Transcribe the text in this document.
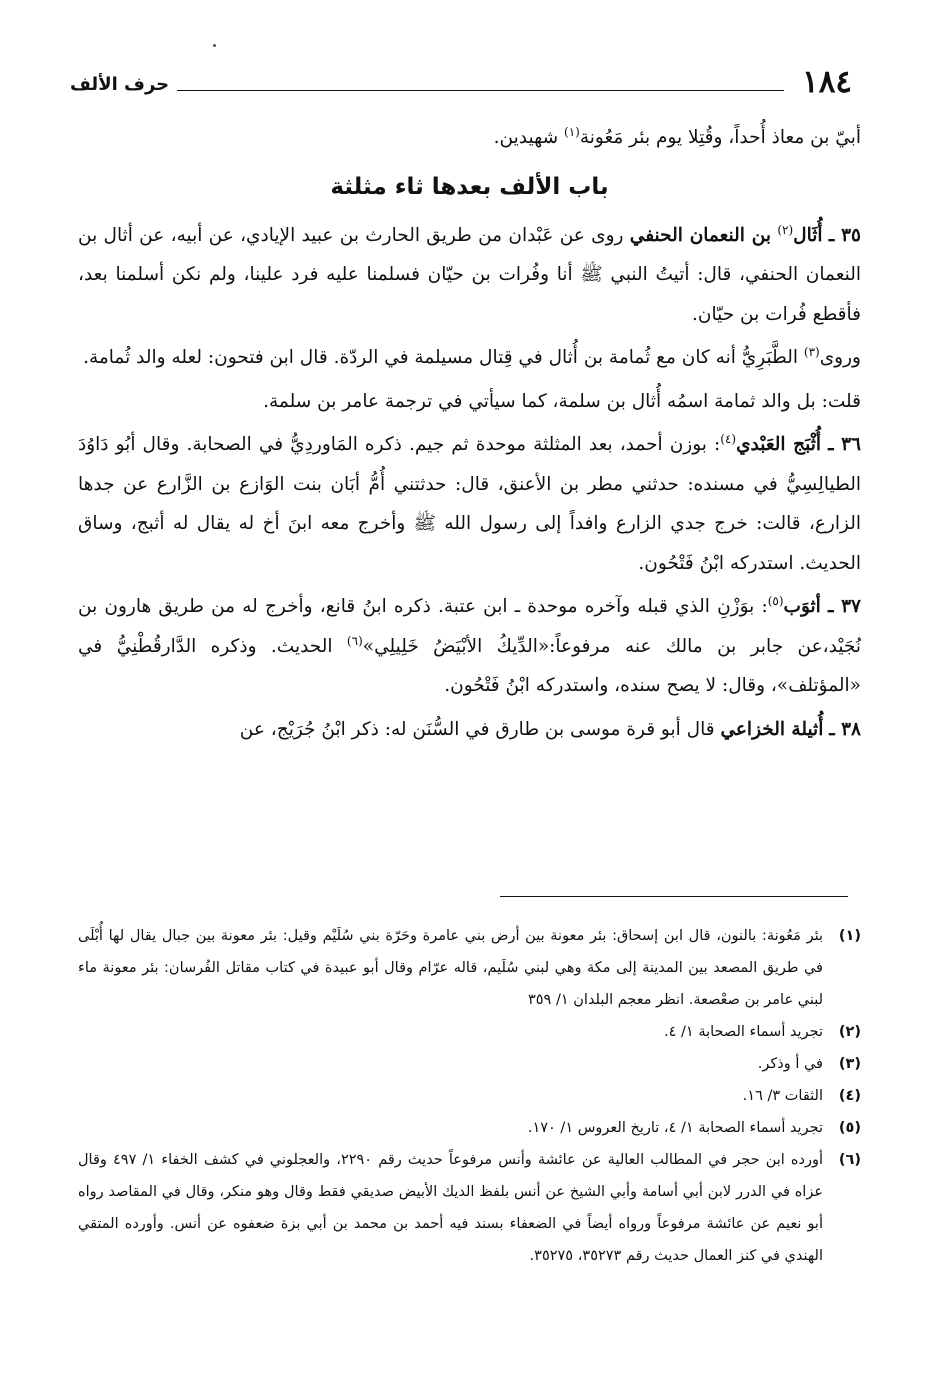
١٨٤
حرف الألف

أبيّ بن معاذ أُحداً، وقُتِلا يوم بئر مَعُونة$^{(١)}$ شهيدين.

باب الألف بعدها ثاء مثلثة

٣٥ ـ أُثَال$^{(٢)}$ بن النعمان الحنفي روى عن عَبْدان من طريق الحارث بن عبيد الإيادي، عن أبيه، عن أثال بن النعمان الحنفي، قال: أتيتُ النبي ﷺ أنا وفُرات بن حيّان فسلمنا عليه فرد علينا، ولم نكن أسلمنا بعد، فأقطع فُرات بن حيّان.

وروى$^{(٣)}$ الطَّبَرِيُّ أنه كان مع ثُمامة بن أُثال في قِتال مسيلمة في الردّة. قال ابن فتحون: لعله والد ثُمامة.

قلت: بل والد ثمامة اسمُه أُثال بن سلمة، كما سيأتي في ترجمة عامر بن سلمة.

٣٦ ـ أُثْبَج العَبْدي$^{(٤)}$: بوزن أحمد، بعد المثلثة موحدة ثم جيم. ذكره المَاوردِيُّ في الصحابة. وقال أبُو دَاوُدَ الطيالِسِيُّ في مسنده: حدثني مطر بن الأعنق، قال: حدثتني أُمُّ أبَان بنت الوَازع بن الزَّارع عن جدها الزارع، قالت: خرج جدي الزارع وافداً إلى رسول الله ﷺ وأخرج معه ابنَ أخ له يقال له أثبج، وساق الحديث. استدركه ابْنُ فَتْحُون.

٣٧ ـ أثوَب$^{(٥)}$: بوَزْنِ الذي قبله وآخره موحدة ـ ابن عتبة. ذكره ابنُ قانع، وأخرج له من طريق هارون بن نُجَيْد،عن جابر بن مالك عنه مرفوعاً:«الدِّيكُ الأبْيَضُ خَلِيلِي»$^{(٦)}$ الحديث. وذكره الدَّارقُطْنِيُّ في «المؤتلف»، وقال: لا يصح سنده، واستدركه ابْنُ فَتْحُون.

٣٨ ـ أُثيلة الخزاعي قال أبو قرة موسى بن طارق في السُّنَن له: ذكر ابْنُ جُرَيْج، عن

(١)
بئر مَعُونة: بالنون، قال ابن إسحاق: بئر معونة بين أرض بني عامرة وحَرّة بني سُلَيْم وقيل: بئر معونة بين جبال يقال لها أُبْلَى في طريق المصعد بين المدينة إلى مكة وهي لبني سُلَيم، قاله عرّام وقال أبو عبيدة في كتاب مقاتل الفُرسان: بئر معونة ماء لبني عامر بن صعْصعة. انظر معجم البلدان ١/ ٣٥٩
(٢)
تجريد أسماء الصحابة ١/ ٤.
(٣)
في أ وذكر.
(٤)
الثقات ٣/ ١٦.
(٥)
تجريد أسماء الصحابة ١/ ٤، تاريخ العروس ١/ ١٧٠.
(٦)
أورده ابن حجر في المطالب العالية عن عائشة وأنس مرفوعاً حديث رقم ٢٢٩٠، والعجلوني في كشف الخفاء ١/ ٤٩٧ وقال عزاه في الدرر لابن أبي أسامة وأبي الشيخ عن أنس بلفظ الديك الأبيض صديقي فقط وقال وهو منكر، وقال في المقاصد رواه أبو نعيم عن عائشة مرفوعاً ورواه أيضاً في الضعفاء بسند فيه أحمد بن محمد بن أبي بزة ضعفوه عن أنس. وأورده المتقي الهندي في كنز العمال حديث رقم ٣٥٢٧٣، ٣٥٢٧٥.
